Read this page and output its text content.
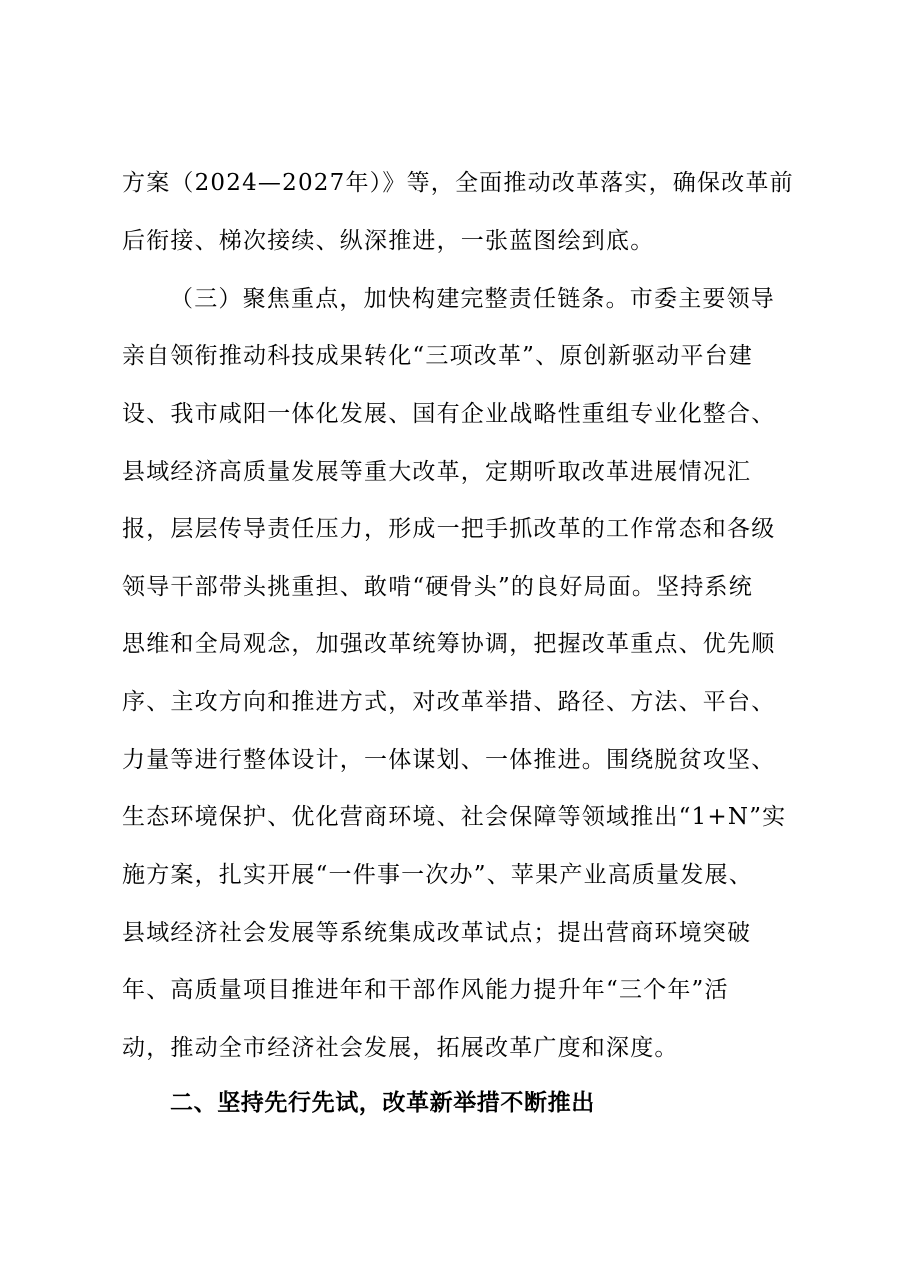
方案（2024—2027年）》等，全面推动改革落实，确保改革前
后衔接、梯次接续、纵深推进，一张蓝图绘到底。
（三）聚焦重点，加快构建完整责任链条。市委主要领导
亲自领衔推动科技成果转化“三项改革”、原创新驱动平台建
设、我市咸阳一体化发展、国有企业战略性重组专业化整合、
县域经济高质量发展等重大改革，定期听取改革进展情况汇
报，层层传导责任压力，形成一把手抓改革的工作常态和各级
领导干部带头挑重担、敢啃“硬骨头”的良好局面。坚持系统
思维和全局观念，加强改革统筹协调，把握改革重点、优先顺
序、主攻方向和推进方式，对改革举措、路径、方法、平台、
力量等进行整体设计，一体谋划、一体推进。围绕脱贫攻坚、
生态环境保护、优化营商环境、社会保障等领域推出“1+N”实
施方案，扎实开展“一件事一次办”、苹果产业高质量发展、
县域经济社会发展等系统集成改革试点；提出营商环境突破
年、高质量项目推进年和干部作风能力提升年“三个年”活
动，推动全市经济社会发展，拓展改革广度和深度。
二、坚持先行先试，改革新举措不断推出
